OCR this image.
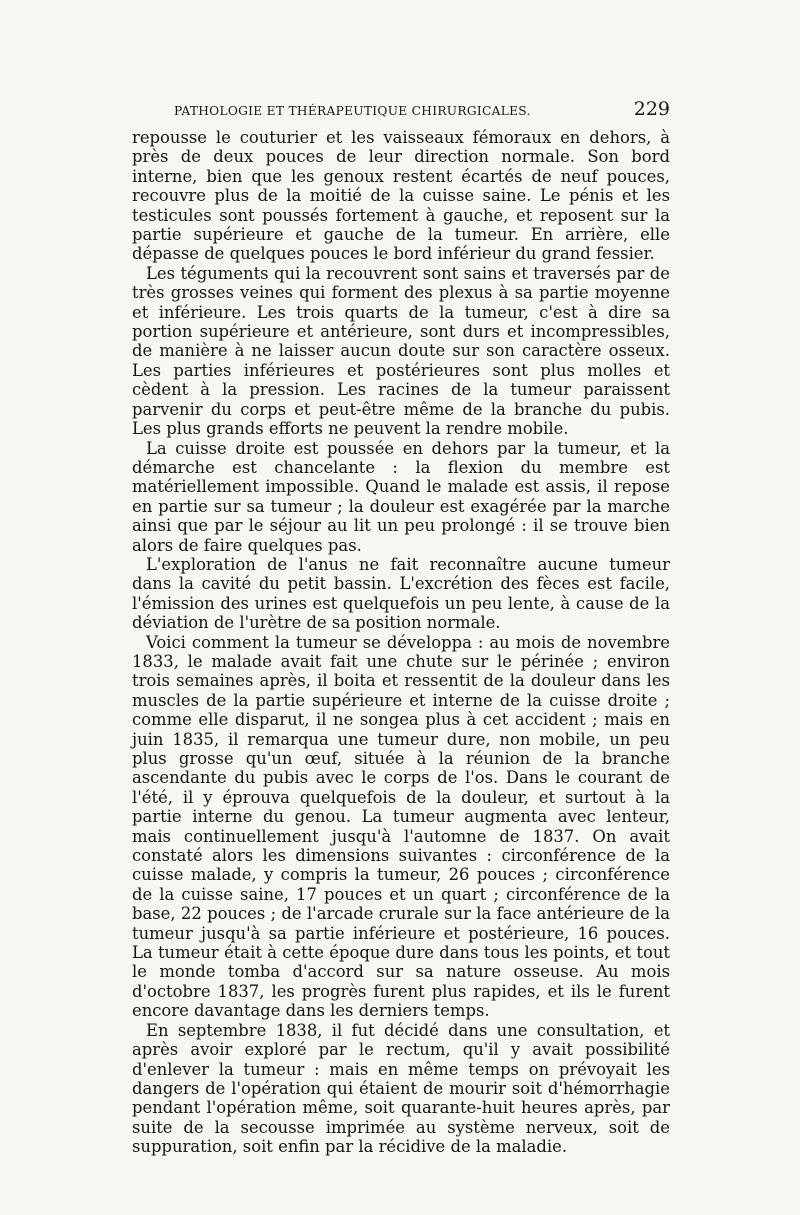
PATHOLOGIE ET THÉRAPEUTIQUE CHIRURGICALES.	229

repousse le couturier et les vaisseaux fémoraux en dehors, à près de deux pouces de leur direction normale. Son bord interne, bien que les genoux restent écartés de neuf pouces, recouvre plus de la moitié de la cuisse saine. Le pénis et les testicules sont poussés fortement à gauche, et reposent sur la partie supérieure et gauche de la tumeur. En arrière, elle dépasse de quelques pouces le bord inférieur du grand fessier.

Les téguments qui la recouvrent sont sains et traversés par de très grosses veines qui forment des plexus à sa partie moyenne et inférieure. Les trois quarts de la tumeur, c'est à dire sa portion supérieure et antérieure, sont durs et incompressibles, de manière à ne laisser aucun doute sur son caractère osseux. Les parties inférieures et postérieures sont plus molles et cèdent à la pression. Les racines de la tumeur paraissent parvenir du corps et peut-être même de la branche du pubis. Les plus grands efforts ne peuvent la rendre mobile.

La cuisse droite est poussée en dehors par la tumeur, et la démarche est chancelante : la flexion du membre est matériellement impossible. Quand le malade est assis, il repose en partie sur sa tumeur ; la douleur est exagérée par la marche ainsi que par le séjour au lit un peu prolongé : il se trouve bien alors de faire quelques pas.

L'exploration de l'anus ne fait reconnaître aucune tumeur dans la cavité du petit bassin. L'excrétion des fèces est facile, l'émission des urines est quelquefois un peu lente, à cause de la déviation de l'urètre de sa position normale.

Voici comment la tumeur se développa : au mois de novembre 1833, le malade avait fait une chute sur le périnée ; environ trois semaines après, il boita et ressentit de la douleur dans les muscles de la partie supérieure et interne de la cuisse droite ; comme elle disparut, il ne songea plus à cet accident ; mais en juin 1835, il remarqua une tumeur dure, non mobile, un peu plus grosse qu'un œuf, située à la réunion de la branche ascendante du pubis avec le corps de l'os. Dans le courant de l'été, il y éprouva quelquefois de la douleur, et surtout à la partie interne du genou. La tumeur augmenta avec lenteur, mais continuellement jusqu'à l'automne de 1837. On avait constaté alors les dimensions suivantes : circonférence de la cuisse malade, y compris la tumeur, 26 pouces ; circonférence de la cuisse saine, 17 pouces et un quart ; circonférence de la base, 22 pouces ; de l'arcade crurale sur la face antérieure de la tumeur jusqu'à sa partie inférieure et postérieure, 16 pouces. La tumeur était à cette époque dure dans tous les points, et tout le monde tomba d'accord sur sa nature osseuse. Au mois d'octobre 1837, les progrès furent plus rapides, et ils le furent encore davantage dans les derniers temps.

En septembre 1838, il fut décidé dans une consultation, et après avoir exploré par le rectum, qu'il y avait possibilité d'enlever la tumeur : mais en même temps on prévoyait les dangers de l'opération qui étaient de mourir soit d'hémorrhagie pendant l'opération même, soit quarante-huit heures après, par suite de la secousse imprimée au système nerveux, soit de suppuration, soit enfin par la récidive de la maladie.
